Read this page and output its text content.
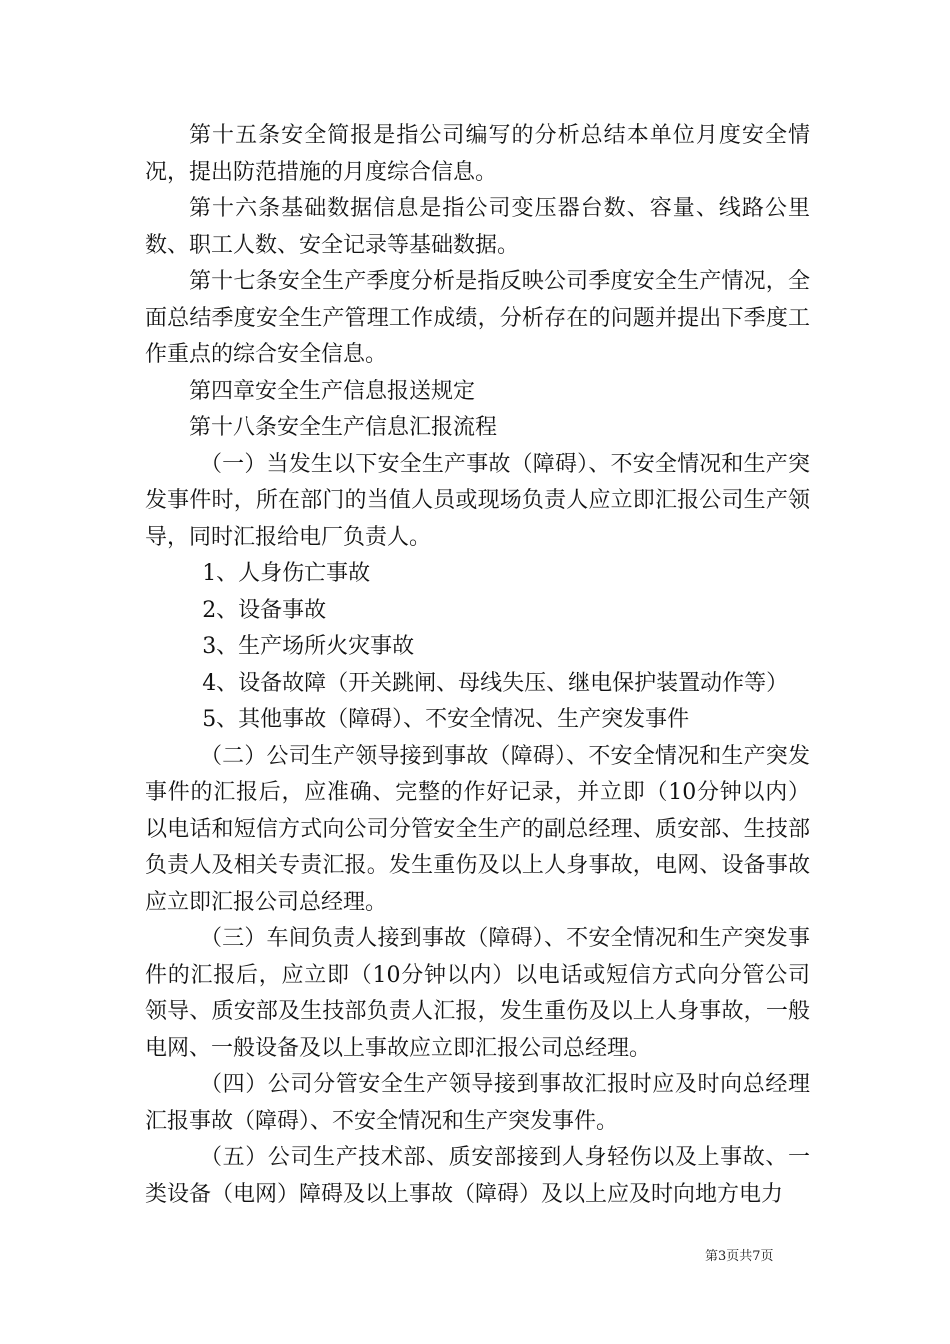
第十五条安全简报是指公司编写的分析总结本单位月度安全情况，提出防范措施的月度综合信息。

第十六条基础数据信息是指公司变压器台数、容量、线路公里数、职工人数、安全记录等基础数据。

第十七条安全生产季度分析是指反映公司季度安全生产情况，全面总结季度安全生产管理工作成绩，分析存在的问题并提出下季度工作重点的综合安全信息。

第四章安全生产信息报送规定

第十八条安全生产信息汇报流程

（一）当发生以下安全生产事故（障碍）、不安全情况和生产突发事件时，所在部门的当值人员或现场负责人应立即汇报公司生产领导，同时汇报给电厂负责人。

1、人身伤亡事故

2、设备事故

3、生产场所火灾事故

4、设备故障（开关跳闸、母线失压、继电保护装置动作等）

5、其他事故（障碍）、不安全情况、生产突发事件

（二）公司生产领导接到事故（障碍）、不安全情况和生产突发事件的汇报后，应准确、完整的作好记录，并立即（10分钟以内）以电话和短信方式向公司分管安全生产的副总经理、质安部、生技部负责人及相关专责汇报。发生重伤及以上人身事故，电网、设备事故应立即汇报公司总经理。

（三）车间负责人接到事故（障碍）、不安全情况和生产突发事件的汇报后，应立即（10分钟以内）以电话或短信方式向分管公司领导、质安部及生技部负责人汇报，发生重伤及以上人身事故，一般电网、一般设备及以上事故应立即汇报公司总经理。

（四）公司分管安全生产领导接到事故汇报时应及时向总经理汇报事故（障碍）、不安全情况和生产突发事件。

（五）公司生产技术部、质安部接到人身轻伤以及上事故、一类设备（电网）障碍及以上事故（障碍）及以上应及时向地方电力

第3页共7页
